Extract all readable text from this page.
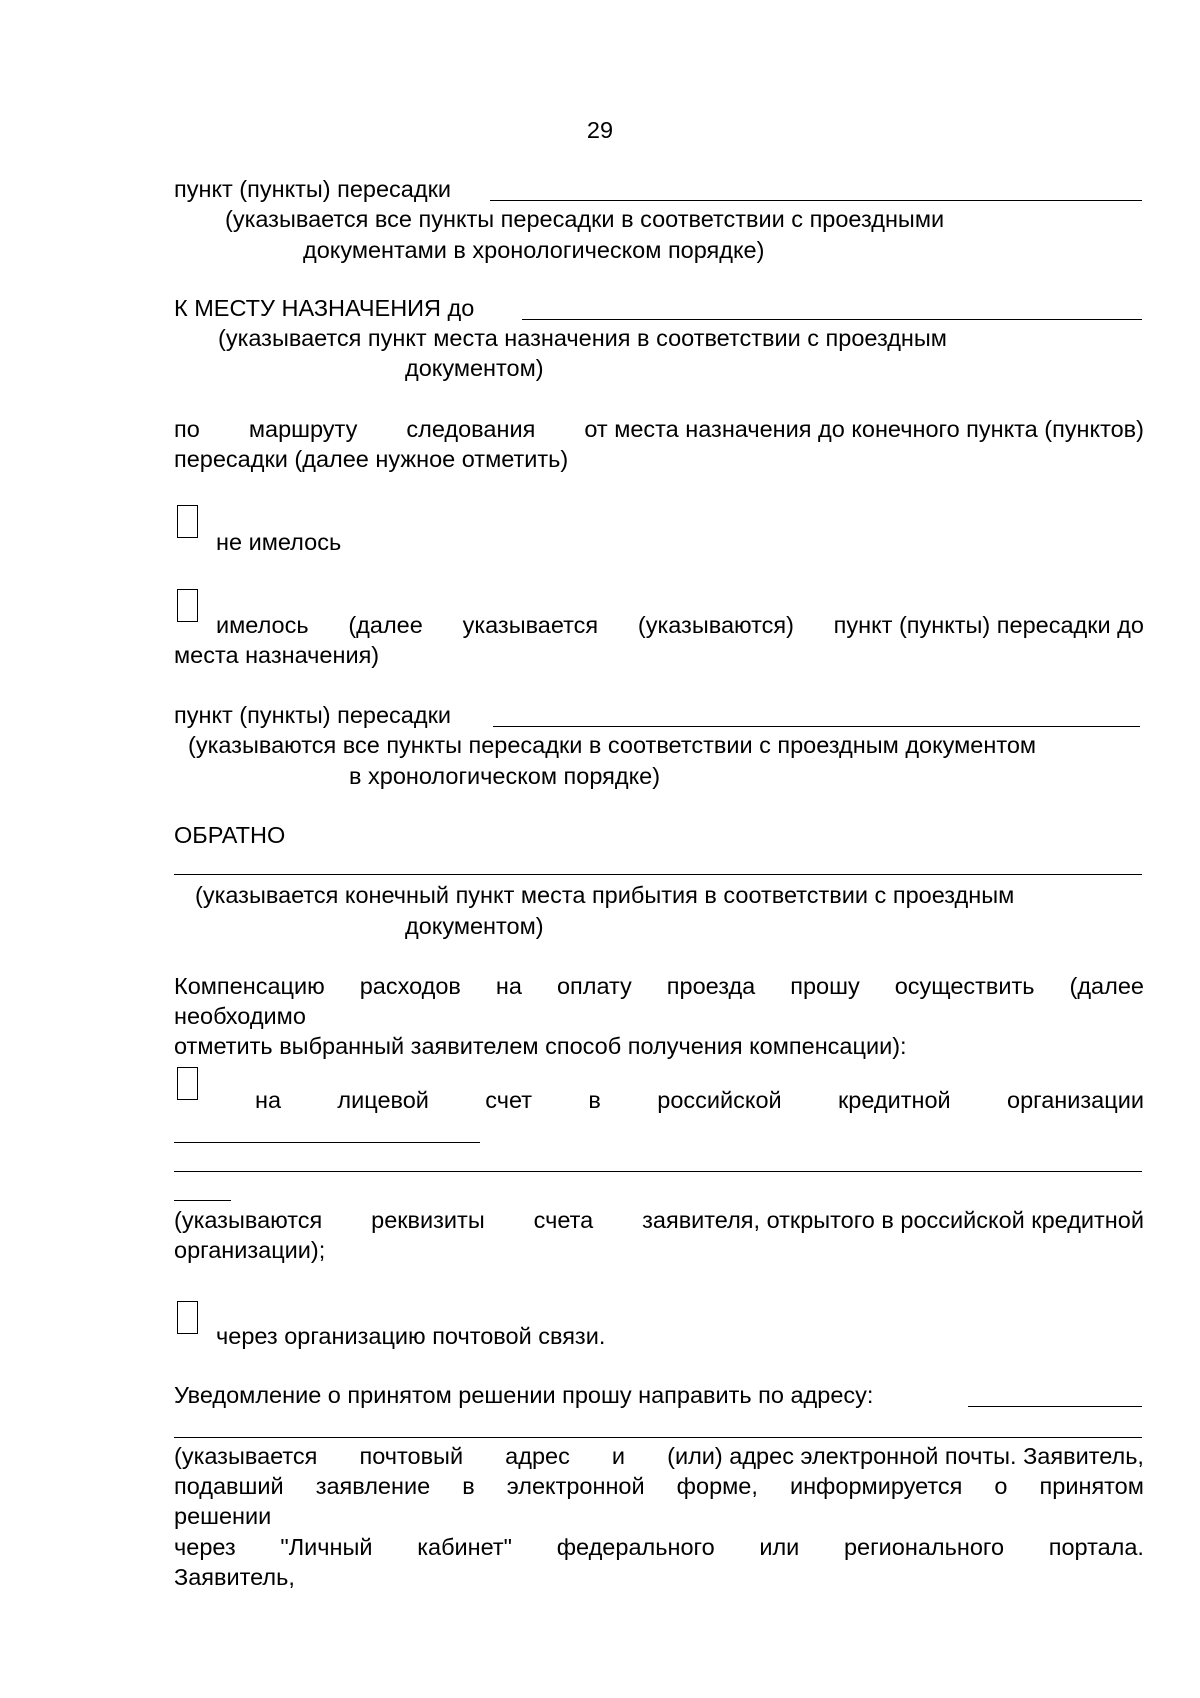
29
пункт (пункты) пересадки
(указывается все пункты пересадки в соответствии с проездными
документами в хронологическом порядке)
К МЕСТУ НАЗНАЧЕНИЯ до
(указывается пункт места назначения в соответствии с проездным
документом)
по маршруту следования от места назначения до конечного пункта (пунктов)
пересадки (далее нужное отметить)
не имелось
имелось (далее указывается (указываются) пункт (пункты) пересадки до
места назначения)
пункт (пункты) пересадки
(указываются все пункты пересадки в соответствии с проездным документом
в хронологическом порядке)
ОБРАТНО
(указывается конечный пункт места прибытия в соответствии с проездным
документом)
Компенсацию расходов на оплату проезда прошу осуществить (далее
необходимо
отметить выбранный заявителем способ получения компенсации):
на лицевой счет в российской кредитной организации
(указываются реквизиты счета заявителя, открытого в российской кредитной
организации);
через организацию почтовой связи.
Уведомление о принятом решении прошу направить по адресу:
(указывается почтовый адрес и (или) адрес электронной почты. Заявитель,
подавший заявление в электронной форме, информируется о принятом
решении
через "Личный кабинет" федерального или регионального портала.
Заявитель,
